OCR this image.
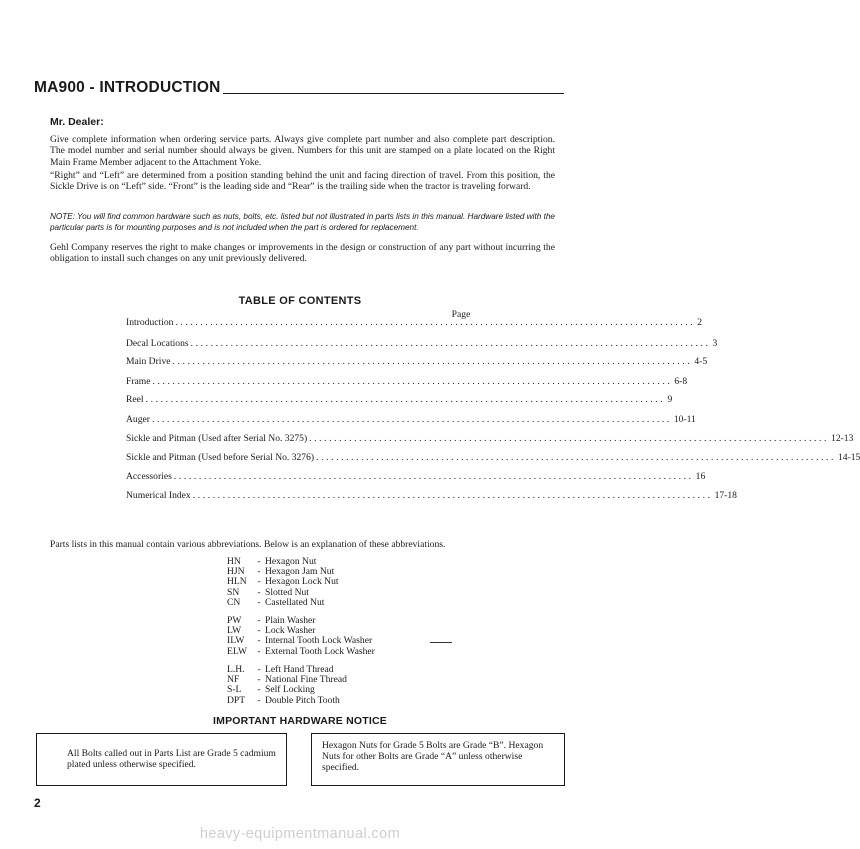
MA900 - INTRODUCTION
Mr. Dealer:

Give complete information when ordering service parts. Always give complete part number and also complete part description. The model number and serial number should always be given. Numbers for this unit are stamped on a plate located on the Right Main Frame Member adjacent to the Attachment Yoke.

“Right” and “Left” are determined from a position standing behind the unit and facing direction of travel. From this position, the Sickle Drive is on “Left” side. “Front” is the leading side and “Rear” is the trailing side when the tractor is traveling forward.

NOTE: You will find common hardware such as nuts, bolts, etc. listed but not illustrated in parts lists in this manual. Hardware listed with the particular parts is for mounting purposes and is not included when the part is ordered for replacement.

Gehl Company reserves the right to make changes or improvements in the design or construction of any part without incurring the obligation to install such changes on any unit previously delivered.

TABLE OF CONTENTS
Page
Introduction ........................................................................................................ 2
Decal Locations ........................................................................................................ 3
Main Drive ........................................................................................................ 4-5
Frame ........................................................................................................ 6-8
Reel ........................................................................................................ 9
Auger ........................................................................................................ 10-11
Sickle and Pitman (Used after Serial No. 3275) ........................................................................................................ 12-13
Sickle and Pitman (Used before Serial No. 3276) ........................................................................................................ 14-15
Accessories ........................................................................................................ 16
Numerical Index ........................................................................................................ 17-18
Parts lists in this manual contain various abbreviations. Below is an explanation of these abbreviations.
HN	- Hexagon Nut
HJN	- Hexagon Jam Nut
HLN	- Hexagon Lock Nut
SN	- Slotted Nut
CN	- Castellated Nut
PW	- Plain Washer
LW	- Lock Washer
ILW	- Internal Tooth Lock Washer
ELW	- External Tooth Lock Washer
L.H.	- Left Hand Thread
NF	- National Fine Thread
S-L	- Self Locking
DPT	- Double Pitch Tooth
IMPORTANT HARDWARE NOTICE
All Bolts called out in Parts List are Grade 5 cadmium plated unless otherwise specified.
Hexagon Nuts for Grade 5 Bolts are Grade “B”. Hexagon Nuts for other Bolts are Grade “A” unless otherwise specified.
2
heavy-equipmentmanual.com
